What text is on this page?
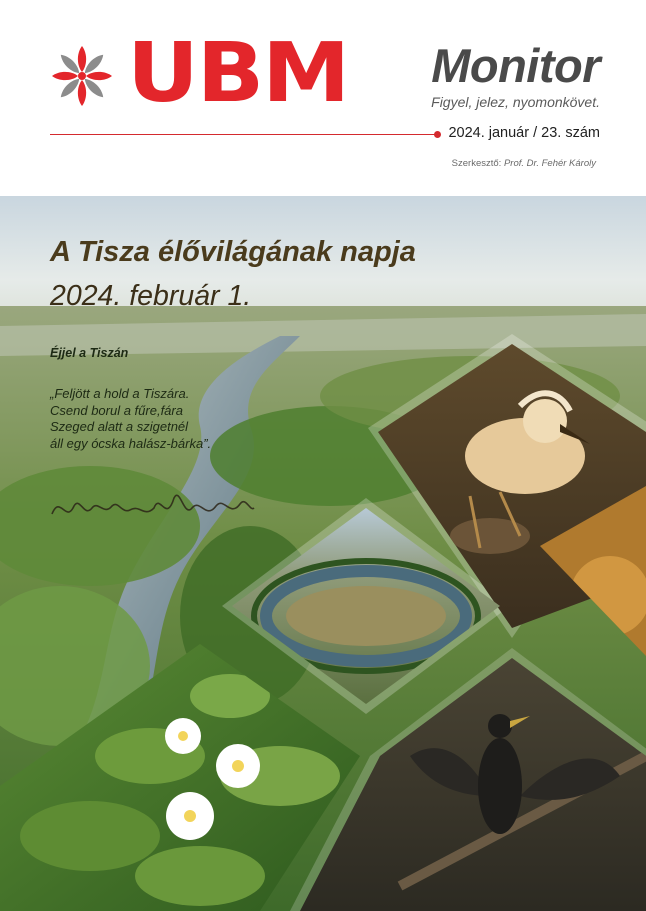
UBM Monitor
Figyel, jelez, nyomonkövet.
2024. január / 23. szám
Szerkesztő: Prof. Dr. Fehér Károly
A Tisza élővilágának napja
2024. február 1.
Éjjel a Tiszán
„Feljött a hold a Tiszára.
Csend borul a fűre,fára
Szeged alatt a szigetnél
áll egy ócska halász-bárka”.
